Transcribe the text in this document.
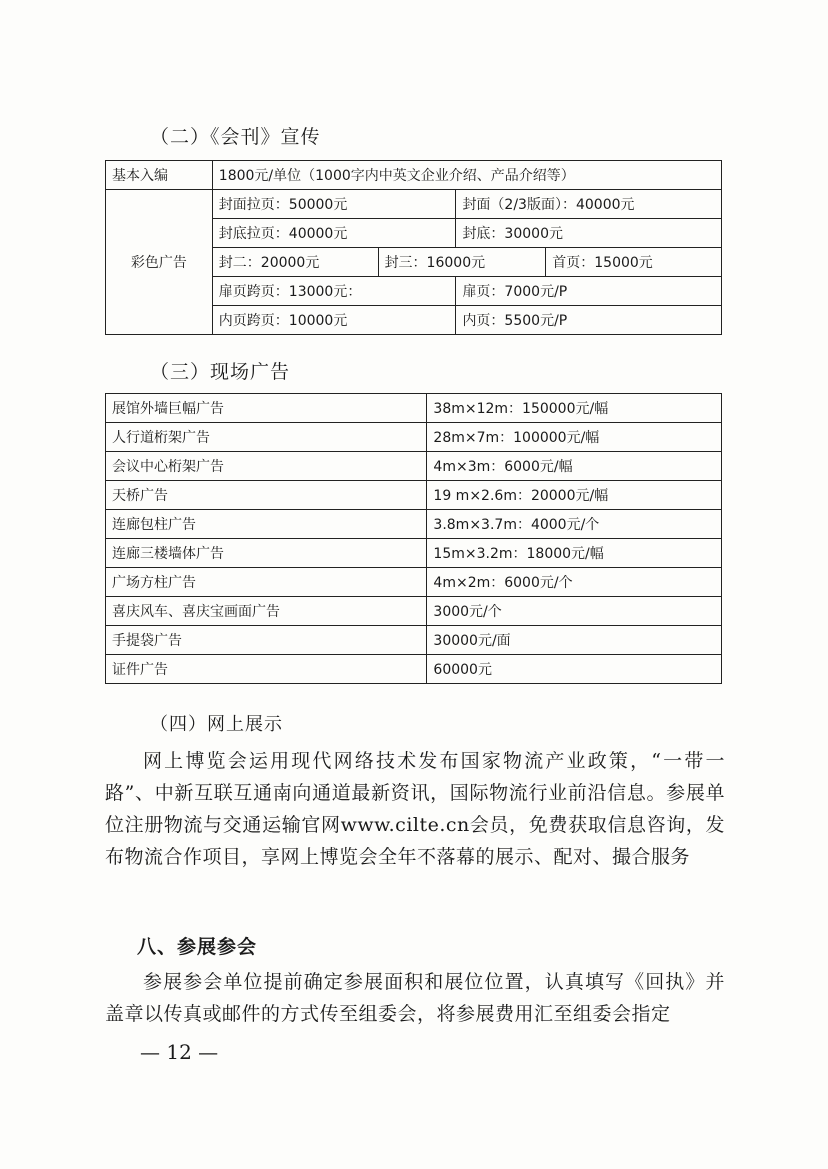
（二）《会刊》宣传
基本入编	1800元/单位（1000字内中英文企业介绍、产品介绍等）			
彩色广告	封面拉页：50000元		封面（2/3版面）：40000元	
	封底拉页：40000元		封底：30000元	
	封二：20000元	封三：16000元		首页：15000元
	扉页跨页：13000元：		扉页：7000元/P	
	内页跨页：10000元		内页：5500元/P	
（三）现场广告
展馆外墙巨幅广告	38m×12m：150000元/幅
人行道桁架广告	28m×7m：100000元/幅
会议中心桁架广告	4m×3m：6000元/幅
天桥广告	19 m×2.6m：20000元/幅
连廊包柱广告	3.8m×3.7m：4000元/个
连廊三楼墙体广告	15m×3.2m：18000元/幅
广场方柱广告	4m×2m：6000元/个
喜庆风车、喜庆宝画面广告	3000元/个
手提袋广告	30000元/面
证件广告	60000元
（四）网上展示
网上博览会运用现代网络技术发布国家物流产业政策，“一带一路”、中新互联互通南向通道最新资讯，国际物流行业前沿信息。参展单位注册物流与交通运输官网www.cilte.cn会员，免费获取信息咨询，发布物流合作项目，享网上博览会全年不落幕的展示、配对、撮合服务
八、参展参会
参展参会单位提前确定参展面积和展位位置，认真填写《回执》并盖章以传真或邮件的方式传至组委会，将参展费用汇至组委会指定
— 12 —
